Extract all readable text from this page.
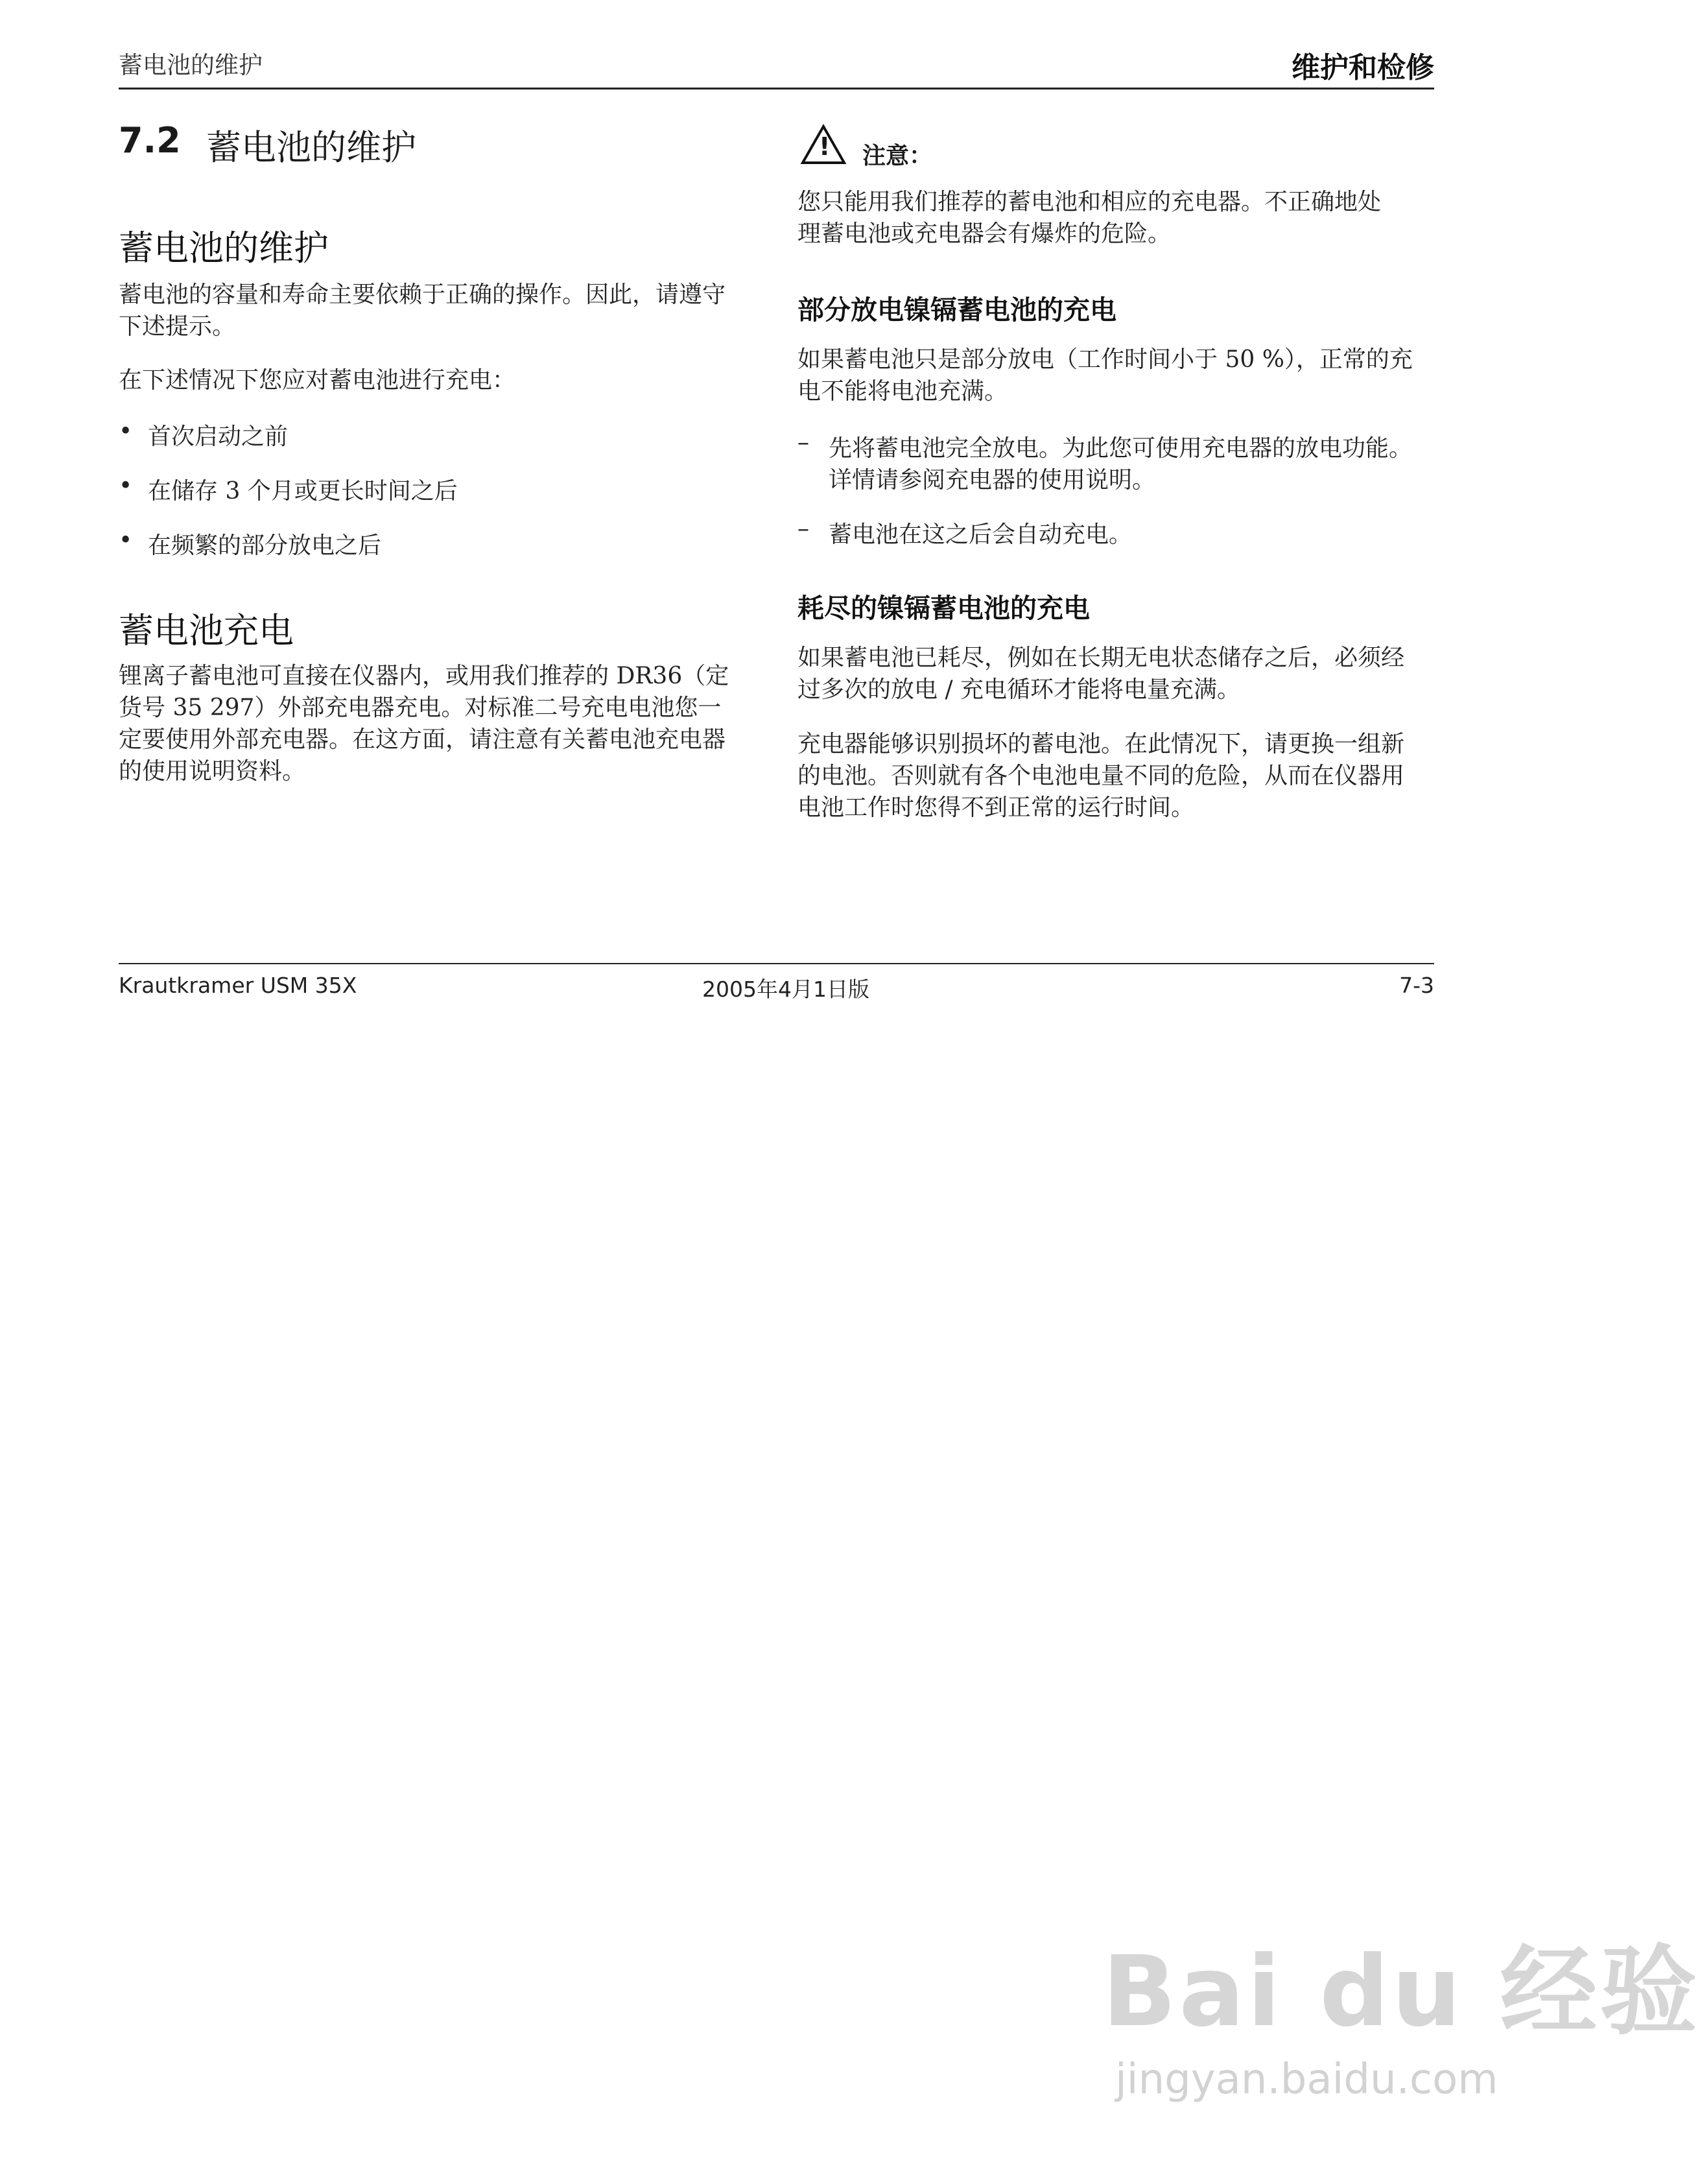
蓄电池的维护	维护和检修
7.2 蓄电池的维护
蓄电池的维护
蓄电池的容量和寿命主要依赖于正确的操作。因此，请遵守
下述提示。
在下述情况下您应对蓄电池进行充电：
• 首次启动之前
• 在储存 3 个月或更长时间之后
• 在频繁的部分放电之后
蓄电池充电
锂离子蓄电池可直接在仪器内，或用我们推荐的 DR36（定
货号 35 297）外部充电器充电。对标准二号充电电池您一
定要使用外部充电器。在这方面，请注意有关蓄电池充电器
的使用说明资料。
! 注意：
您只能用我们推荐的蓄电池和相应的充电器。不正确地处
理蓄电池或充电器会有爆炸的危险。
部分放电镍镉蓄电池的充电
如果蓄电池只是部分放电（工作时间小于 50 %），正常的充
电不能将电池充满。
– 先将蓄电池完全放电。为此您可使用充电器的放电功能。
详情请参阅充电器的使用说明。
– 蓄电池在这之后会自动充电。
耗尽的镍镉蓄电池的充电
如果蓄电池已耗尽，例如在长期无电状态储存之后，必须经
过多次的放电 / 充电循环才能将电量充满。
充电器能够识别损坏的蓄电池。在此情况下，请更换一组新
的电池。否则就有各个电池电量不同的危险，从而在仪器用
电池工作时您得不到正常的运行时间。
Krautkramer USM 35X	2005年4月1日版	7-3
Bai du 经验
jingyan.baidu.com
